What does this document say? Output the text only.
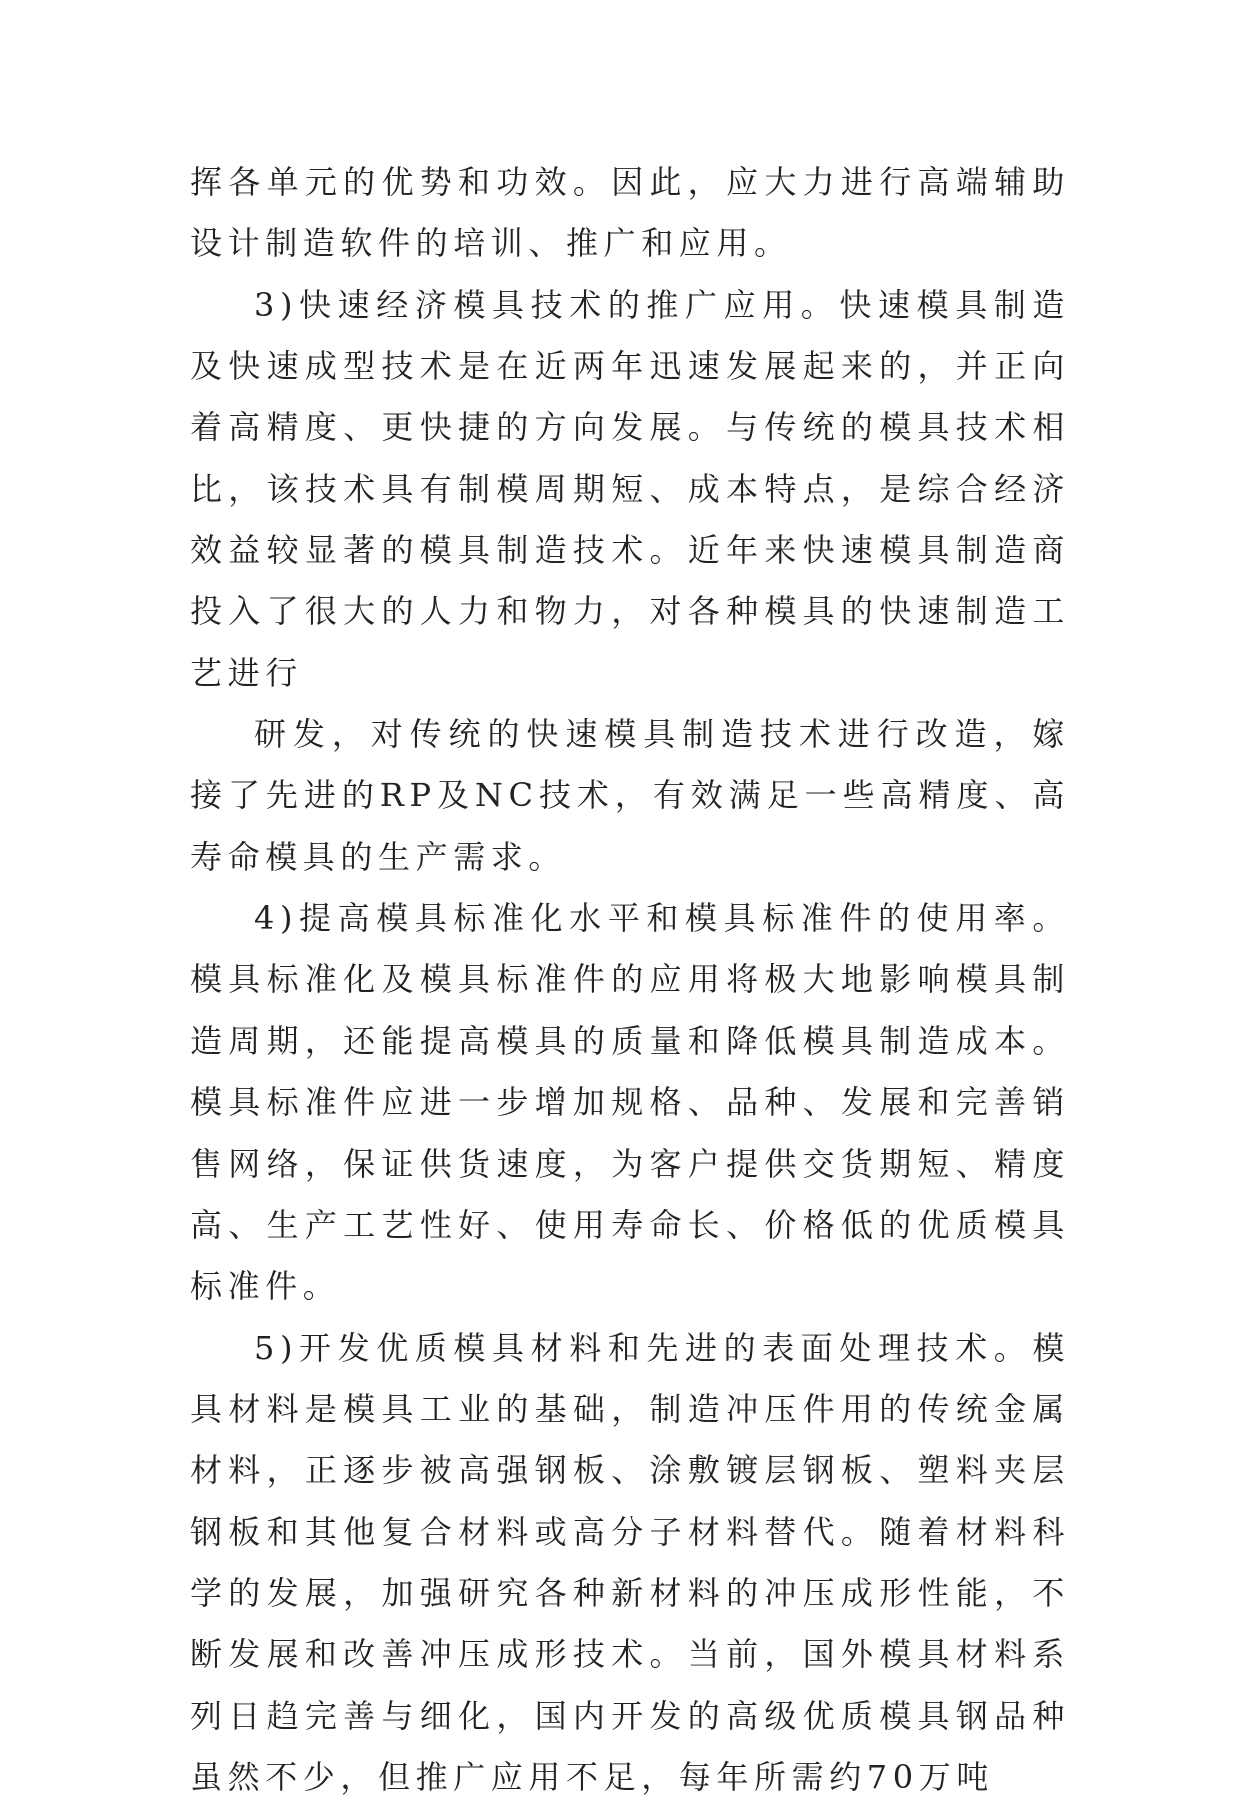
挥各单元的优势和功效。因此，应大力进行高端辅助设计制造软件的培训、推广和应用。

3)快速经济模具技术的推广应用。快速模具制造及快速成型技术是在近两年迅速发展起来的，并正向着高精度、更快捷的方向发展。与传统的模具技术相比，该技术具有制模周期短、成本特点，是综合经济效益较显著的模具制造技术。近年来快速模具制造商投入了很大的人力和物力，对各种模具的快速制造工艺进行

研发，对传统的快速模具制造技术进行改造，嫁接了先进的RP及NC技术，有效满足一些高精度、高寿命模具的生产需求。

4)提高模具标准化水平和模具标准件的使用率。模具标准化及模具标准件的应用将极大地影响模具制造周期，还能提高模具的质量和降低模具制造成本。模具标准件应进一步增加规格、品种、发展和完善销售网络，保证供货速度，为客户提供交货期短、精度高、生产工艺性好、使用寿命长、价格低的优质模具标准件。

5)开发优质模具材料和先进的表面处理技术。模具材料是模具工业的基础，制造冲压件用的传统金属材料，正逐步被高强钢板、涂敷镀层钢板、塑料夹层钢板和其他复合材料或高分子材料替代。随着材料科学的发展，加强研究各种新材料的冲压成形性能，不断发展和改善冲压成形技术。当前，国外模具材料系列日趋完善与细化，国内开发的高级优质模具钢品种虽然不少，但推广应用不足，每年所需约70万吨
